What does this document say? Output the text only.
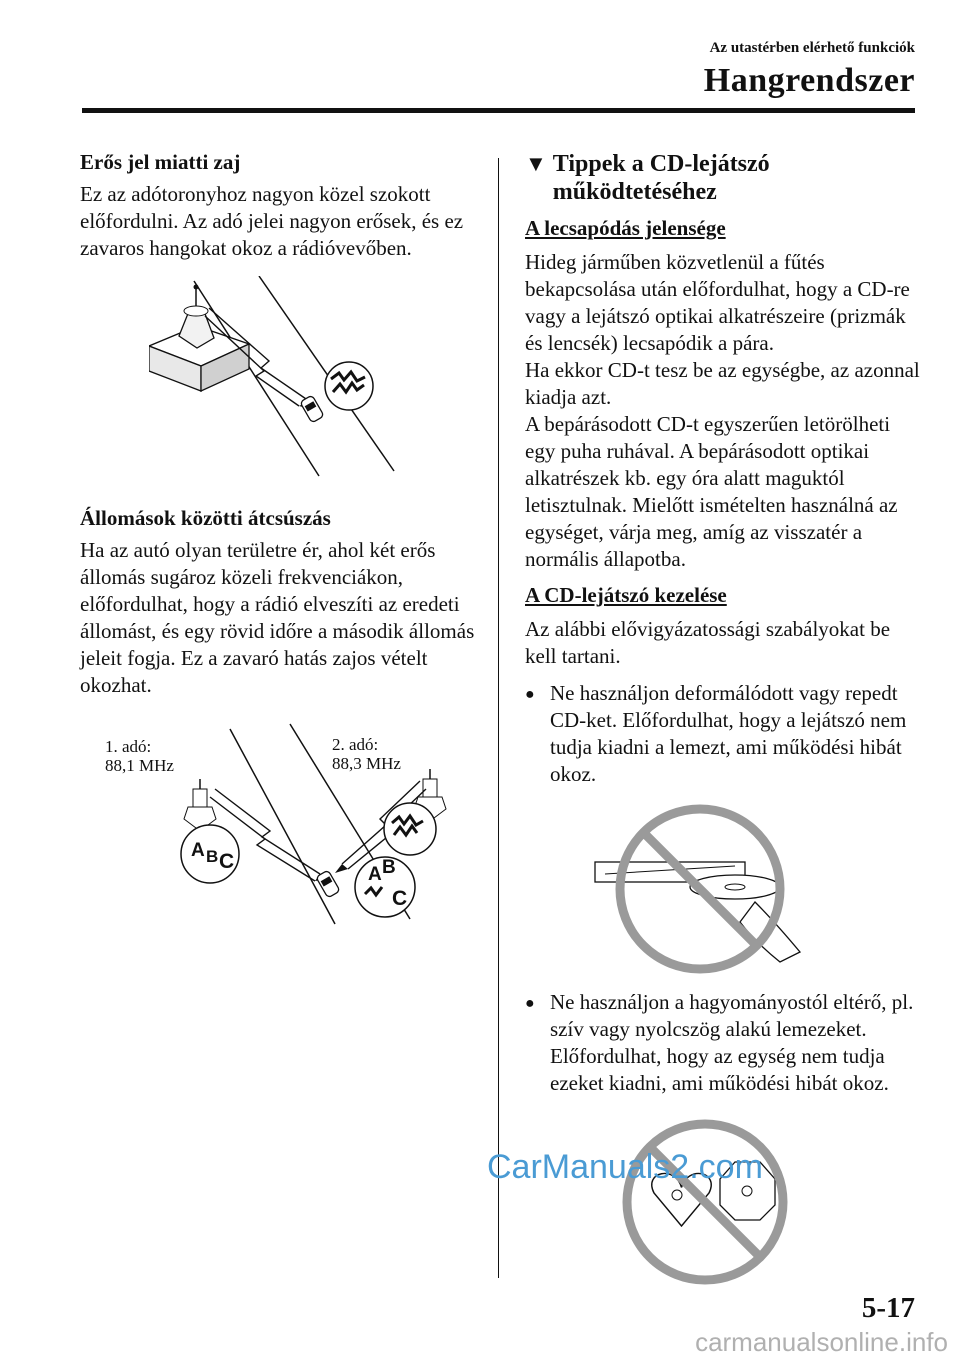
Az utastérben elérhető funkciók
Hangrendszer
Erős jel miatti zaj

Ez az adótoronyhoz nagyon közel szokott előfordulni. Az adó jelei nagyon erősek, és ez zavaros hangokat okoz a rádióvevőben.

Állomások közötti átcsúszás

Ha az autó olyan területre ér, ahol két erős állomás sugároz közeli frekvenciákon, előfordulhat, hogy a rádió elveszíti az eredeti állomást, és egy rövid időre a második állomás jeleit fogja. Ez a zavaró hatás zajos vételt okozhat.

1. adó:
88,1 MHz
2. adó:
88,3 MHz
A B C
A B
C
▼ Tippek a CD-lejátszó működtetéséhez
A lecsapódás jelensége

Hideg járműben közvetlenül a fűtés bekapcsolása után előfordulhat, hogy a CD-re vagy a lejátszó optikai alkatrészeire (prizmák és lencsék) lecsapódik a pára.

Ha ekkor CD-t tesz be az egységbe, az azonnal kiadja azt.

A bepárásodott CD-t egyszerűen letörölheti egy puha ruhával. A bepárásodott optikai alkatrészek kb. egy óra alatt maguktól letisztulnak. Mielőtt ismételten használná az egységet, várja meg, amíg az visszatér a normális állapotba.

A CD-lejátszó kezelése

Az alábbi elővigyázatossági szabályokat be kell tartani.

● Ne használjon deformálódott vagy repedt CD-ket. Előfordulhat, hogy a lejátszó nem tudja kiadni a lemezt, ami működési hibát okoz.
● Ne használjon a hagyományostól eltérő, pl. szív vagy nyolcszög alakú lemezeket. Előfordulhat, hogy az egység nem tudja ezeket kiadni, ami működési hibát okoz.
CarManuals2.com
5-17
carmanualsonline.info
